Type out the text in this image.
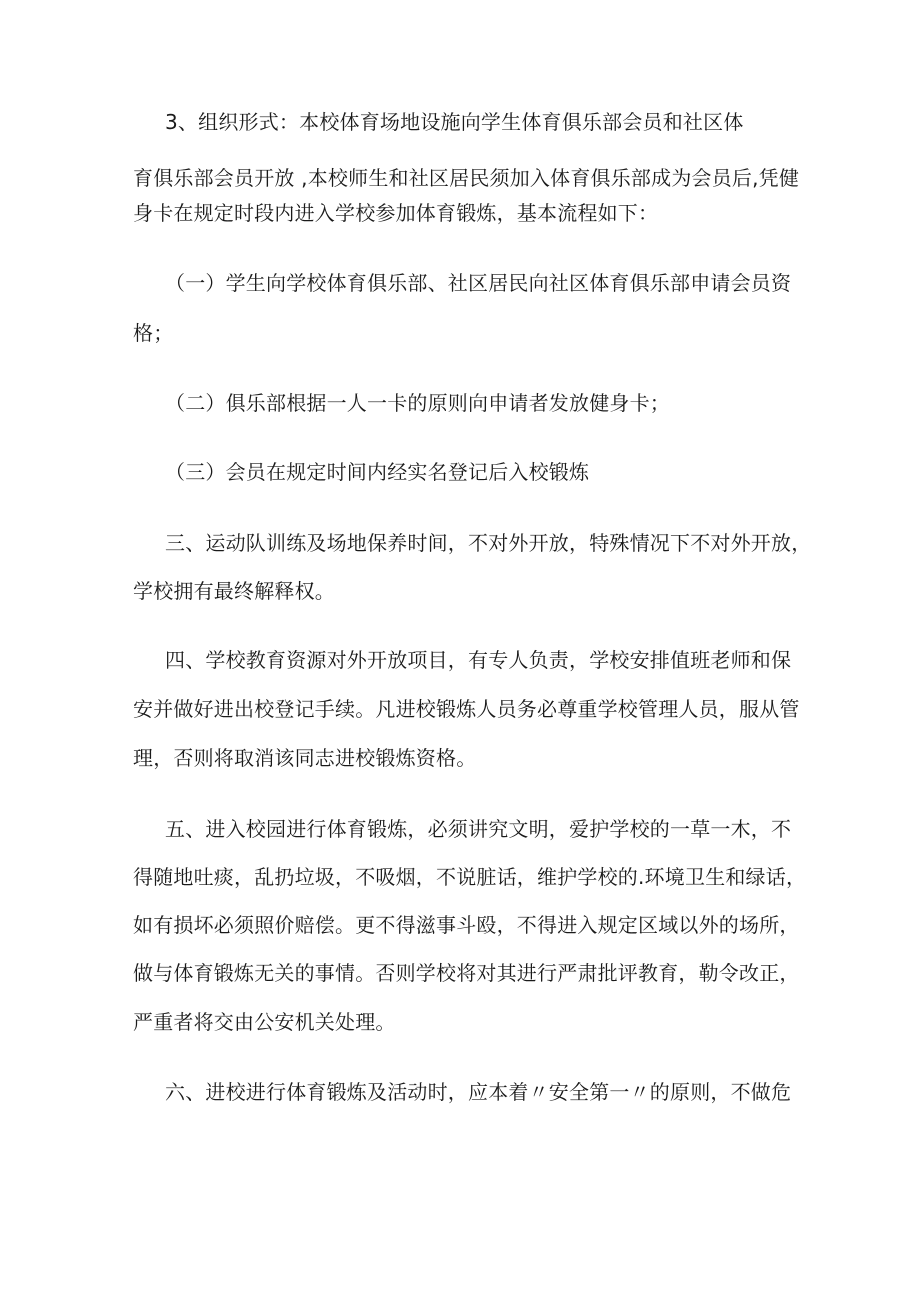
3、组织形式：本校体育场地设施向学生体育俱乐部会员和社区体
育俱乐部会员开放 ,本校师生和社区居民须加入体育俱乐部成为会员后,凭健
身卡在规定时段内进入学校参加体育锻炼，基本流程如下：
（一）学生向学校体育俱乐部、社区居民向社区体育俱乐部申请会员资
格；
（二）俱乐部根据一人一卡的原则向申请者发放健身卡；
（三）会员在规定时间内经实名登记后入校锻炼
三、运动队训练及场地保养时间，不对外开放，特殊情况下不对外开放，
学校拥有最终解释权。
四、学校教育资源对外开放项目，有专人负责，学校安排值班老师和保
安并做好进出校登记手续。凡进校锻炼人员务必尊重学校管理人员，服从管
理，否则将取消该同志进校锻炼资格。
五、进入校园进行体育锻炼，必须讲究文明，爱护学校的一草一木，不
得随地吐痰，乱扔垃圾，不吸烟，不说脏话，维护学校的.环境卫生和绿话，
如有损坏必须照价赔偿。更不得滋事斗殴，不得进入规定区域以外的场所，
做与体育锻炼无关的事情。否则学校将对其进行严肃批评教育，勒令改正，
严重者将交由公安机关处理。
六、进校进行体育锻炼及活动时，应本着〃安全第一〃的原则，不做危
